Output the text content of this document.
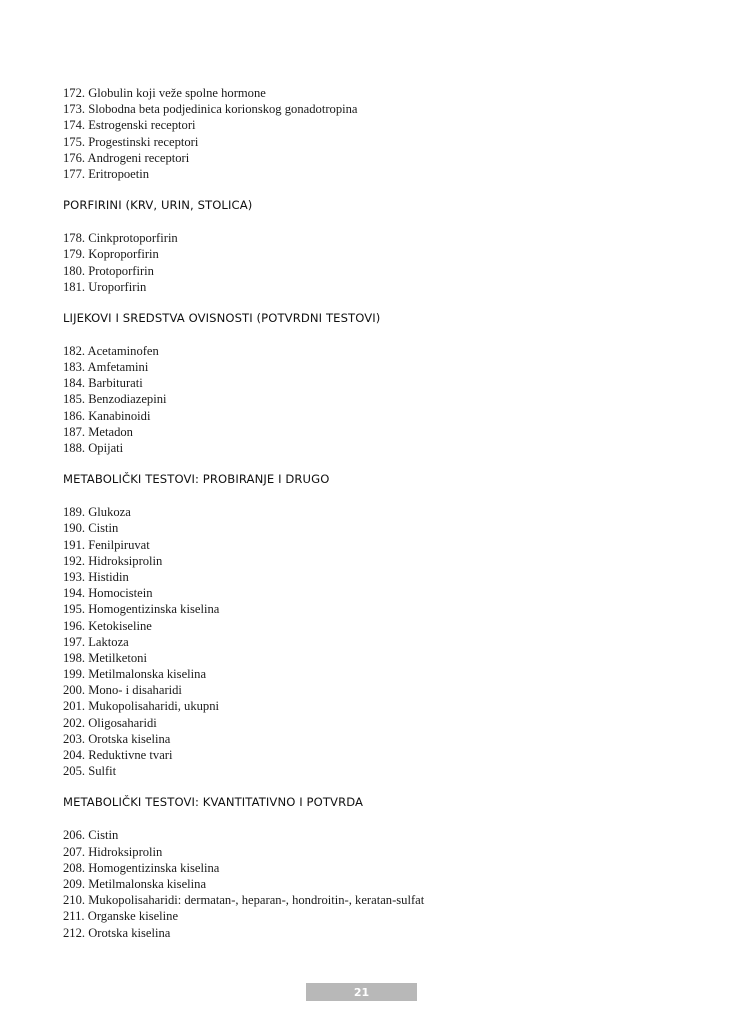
172. Globulin koji veže spolne hormone
173. Slobodna beta podjedinica korionskog gonadotropina
174. Estrogenski receptori
175. Progestinski receptori
176. Androgeni receptori
177. Eritropoetin
PORFIRINI (KRV, URIN, STOLICA)
178. Cinkprotoporfirin
179. Koproporfirin
180. Protoporfirin
181. Uroporfirin
LIJEKOVI I SREDSTVA OVISNOSTI (POTVRDNI TESTOVI)
182. Acetaminofen
183. Amfetamini
184. Barbiturati
185. Benzodiazepini
186. Kanabinoidi
187. Metadon
188. Opijati
METABOLIČKI TESTOVI: PROBIRANJE I DRUGO
189. Glukoza
190. Cistin
191. Fenilpiruvat
192. Hidroksiprolin
193. Histidin
194. Homocistein
195. Homogentizinska kiselina
196. Ketokiseline
197. Laktoza
198. Metilketoni
199. Metilmalonska kiselina
200. Mono- i disaharidi
201. Mukopolisaharidi, ukupni
202. Oligosaharidi
203. Orotska kiselina
204. Reduktivne tvari
205. Sulfit
METABOLIČKI TESTOVI: KVANTITATIVNO I POTVRDA
206. Cistin
207. Hidroksiprolin
208. Homogentizinska kiselina
209. Metilmalonska kiselina
210. Mukopolisaharidi: dermatan-, heparan-, hondroitin-, keratan-sulfat
211. Organske kiseline
212. Orotska kiselina
21
